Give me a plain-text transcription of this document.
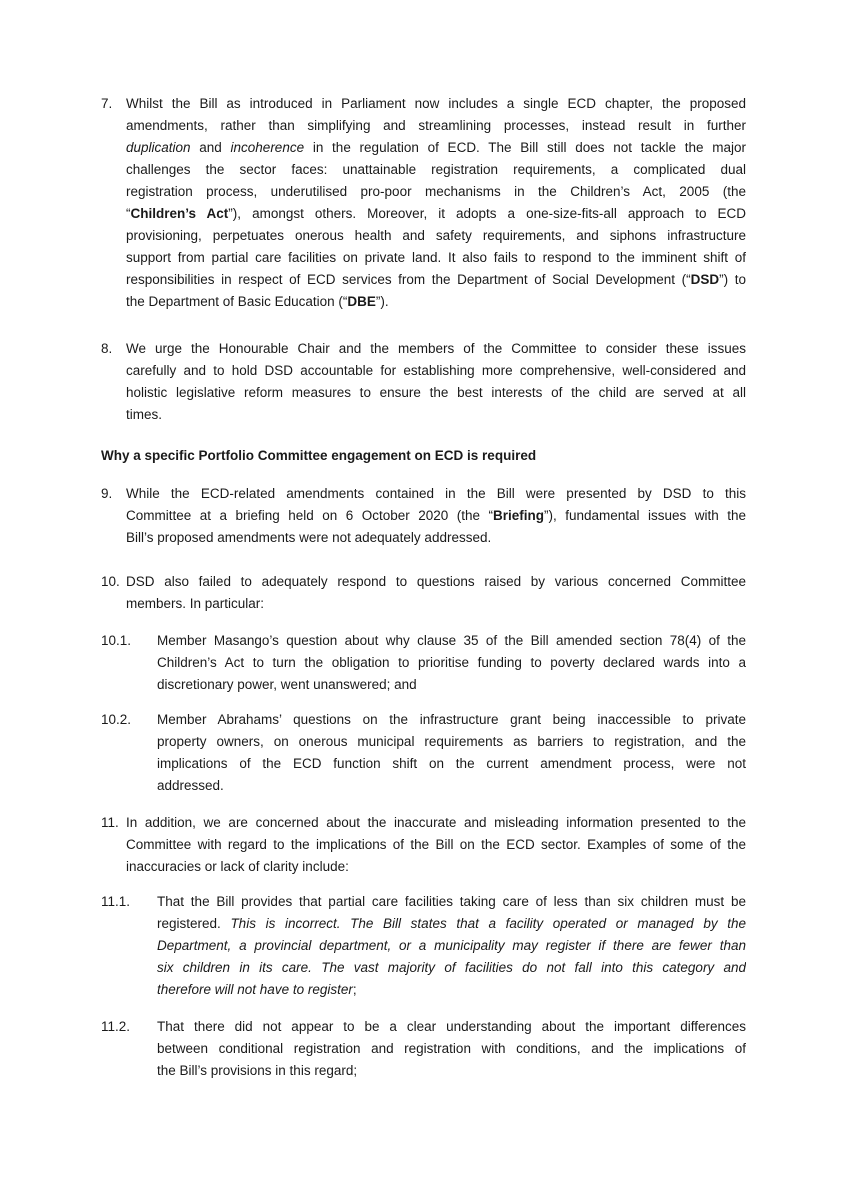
7. Whilst the Bill as introduced in Parliament now includes a single ECD chapter, the proposed
amendments, rather than simplifying and streamlining processes, instead result in further
duplication and incoherence in the regulation of ECD. The Bill still does not tackle the major
challenges the sector faces: unattainable registration requirements, a complicated dual
registration process, underutilised pro-poor mechanisms in the Children’s Act, 2005 (the
“Children’s Act”), amongst others. Moreover, it adopts a one-size-fits-all approach to ECD
provisioning, perpetuates onerous health and safety requirements, and siphons infrastructure
support from partial care facilities on private land. It also fails to respond to the imminent shift of
responsibilities in respect of ECD services from the Department of Social Development (“DSD”) to
the Department of Basic Education (“DBE”).
8. We urge the Honourable Chair and the members of the Committee to consider these issues
carefully and to hold DSD accountable for establishing more comprehensive, well-considered and
holistic legislative reform measures to ensure the best interests of the child are served at all
times.
Why a specific Portfolio Committee engagement on ECD is required
9. While the ECD-related amendments contained in the Bill were presented by DSD to this
Committee at a briefing held on 6 October 2020 (the “Briefing”), fundamental issues with the
Bill’s proposed amendments were not adequately addressed.
10. DSD also failed to adequately respond to questions raised by various concerned Committee
members. In particular:
10.1. Member Masango’s question about why clause 35 of the Bill amended section 78(4) of the
Children’s Act to turn the obligation to prioritise funding to poverty declared wards into a
discretionary power, went unanswered; and
10.2. Member Abrahams’ questions on the infrastructure grant being inaccessible to private
property owners, on onerous municipal requirements as barriers to registration, and the
implications of the ECD function shift on the current amendment process, were not
addressed.
11. In addition, we are concerned about the inaccurate and misleading information presented to the
Committee with regard to the implications of the Bill on the ECD sector. Examples of some of the
inaccuracies or lack of clarity include:
11.1. That the Bill provides that partial care facilities taking care of less than six children must be
registered. This is incorrect. The Bill states that a facility operated or managed by the
Department, a provincial department, or a municipality may register if there are fewer than
six children in its care. The vast majority of facilities do not fall into this category and
therefore will not have to register;
11.2. That there did not appear to be a clear understanding about the important differences
between conditional registration and registration with conditions, and the implications of
the Bill’s provisions in this regard;
